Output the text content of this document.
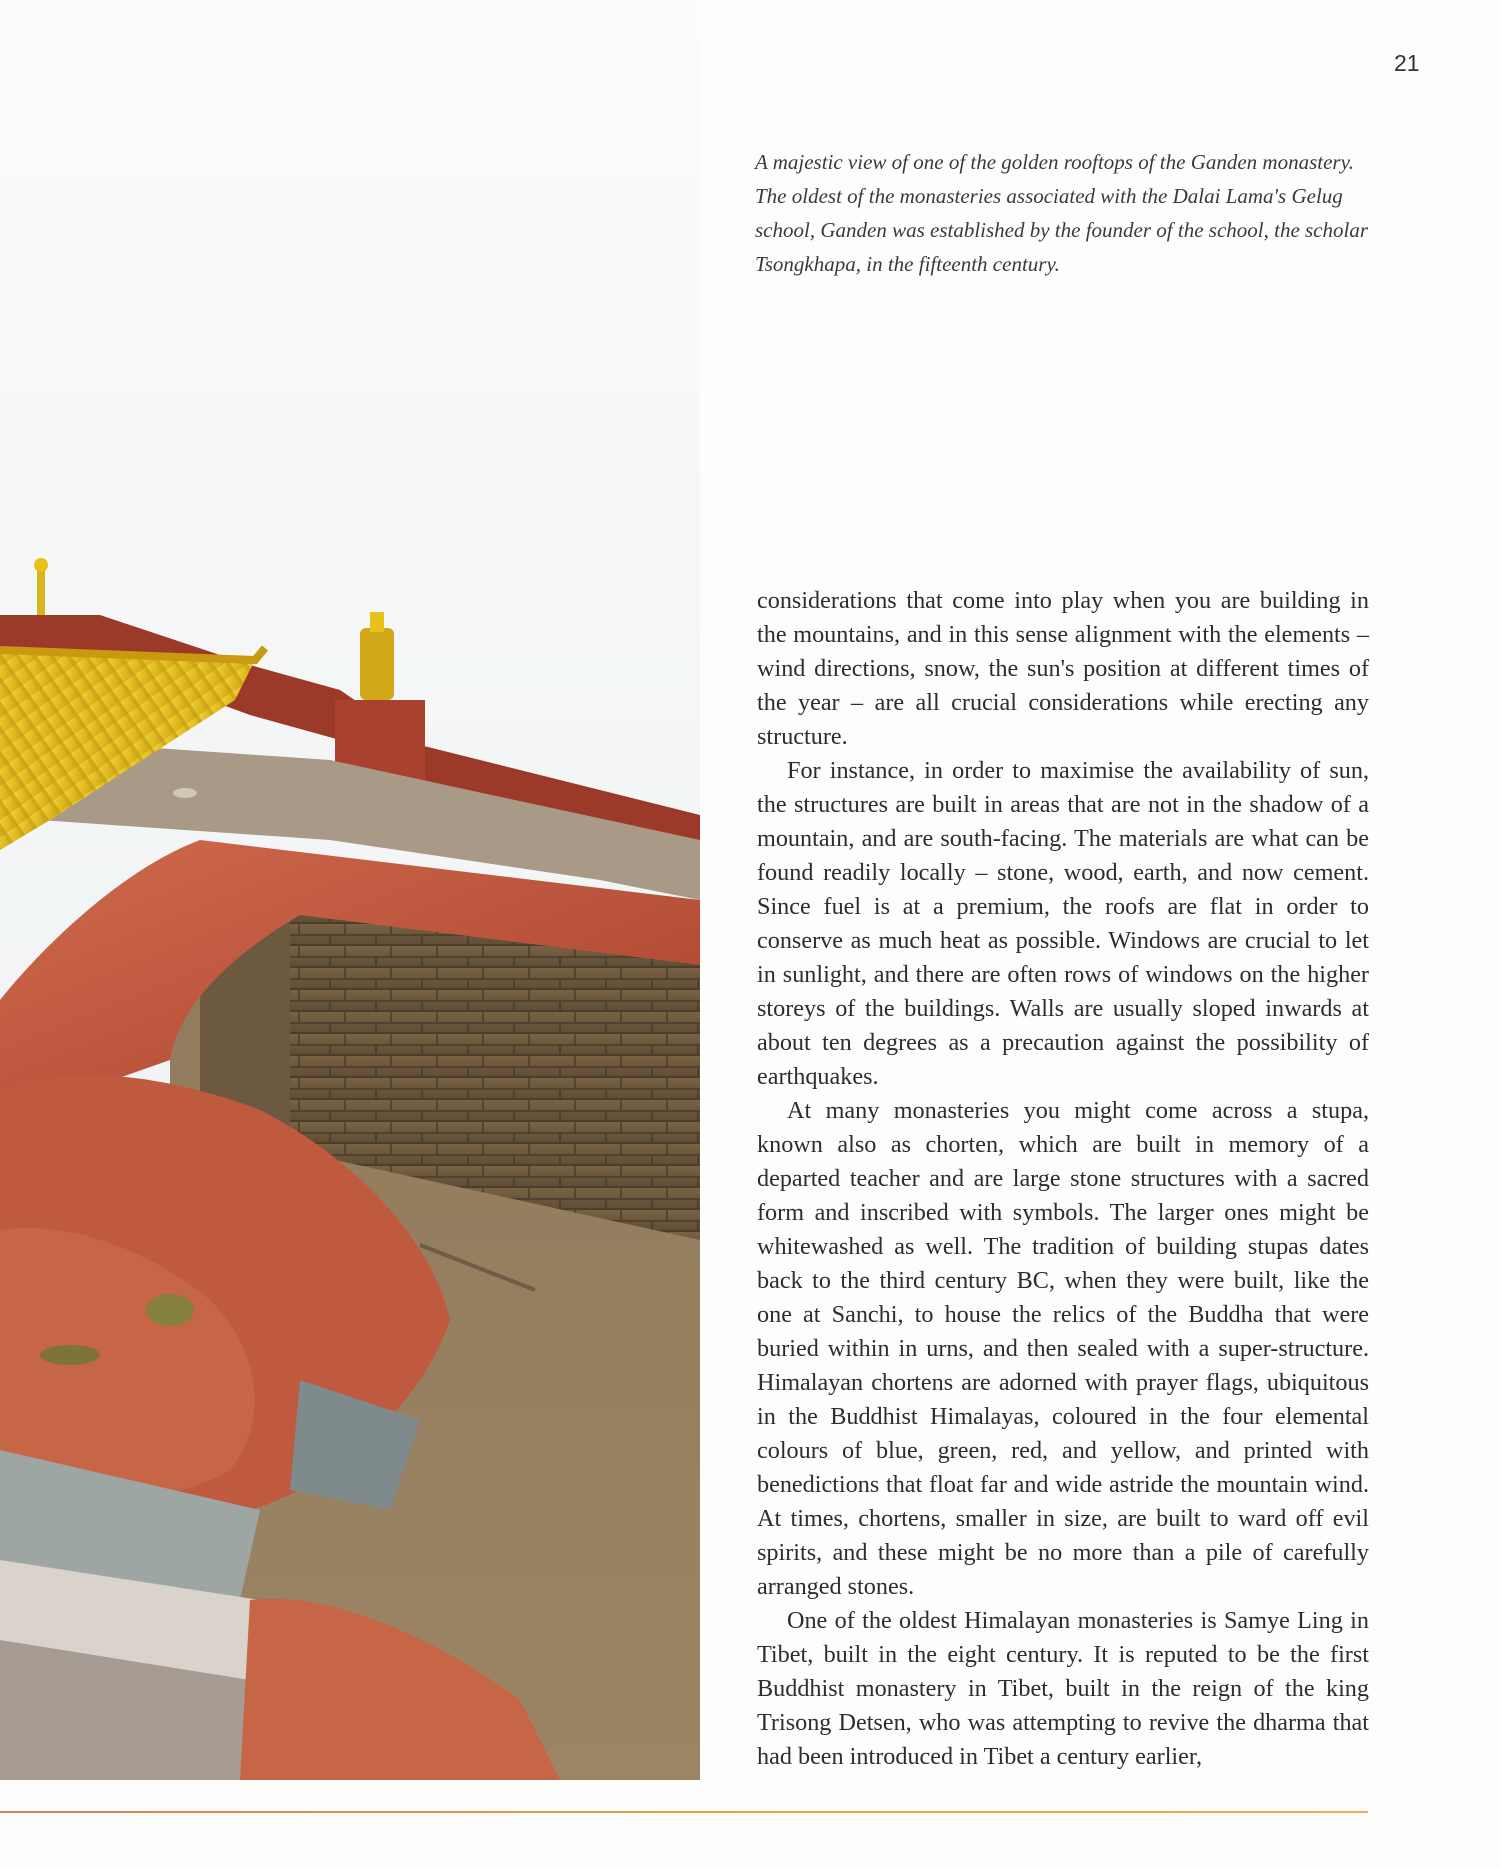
21

A majestic view of one of the golden rooftops of the Ganden monastery. The oldest of the monasteries associated with the Dalai Lama's Gelug school, Ganden was established by the founder of the school, the scholar Tsongkhapa, in the fifteenth century.

considerations that come into play when you are building in the mountains, and in this sense alignment with the elements – wind directions, snow, the sun's position at different times of the year – are all crucial considerations while erecting any structure.

For instance, in order to maximise the availability of sun, the structures are built in areas that are not in the shadow of a mountain, and are south-facing. The materials are what can be found readily locally – stone, wood, earth, and now cement. Since fuel is at a premium, the roofs are flat in order to conserve as much heat as possible. Windows are crucial to let in sunlight, and there are often rows of windows on the higher storeys of the buildings. Walls are usually sloped inwards at about ten degrees as a precaution against the possibility of earthquakes.

At many monasteries you might come across a stupa, known also as chorten, which are built in memory of a departed teacher and are large stone structures with a sacred form and inscribed with symbols. The larger ones might be whitewashed as well. The tradition of building stupas dates back to the third century BC, when they were built, like the one at Sanchi, to house the relics of the Buddha that were buried within in urns, and then sealed with a super-structure. Himalayan chortens are adorned with prayer flags, ubiquitous in the Buddhist Himalayas, coloured in the four elemental colours of blue, green, red, and yellow, and printed with benedictions that float far and wide astride the mountain wind. At times, chortens, smaller in size, are built to ward off evil spirits, and these might be no more than a pile of carefully arranged stones.

One of the oldest Himalayan monasteries is Samye Ling in Tibet, built in the eight century. It is reputed to be the first Buddhist monastery in Tibet, built in the reign of the king Trisong Detsen, who was attempting to revive the dharma that had been introduced in Tibet a century earlier,
